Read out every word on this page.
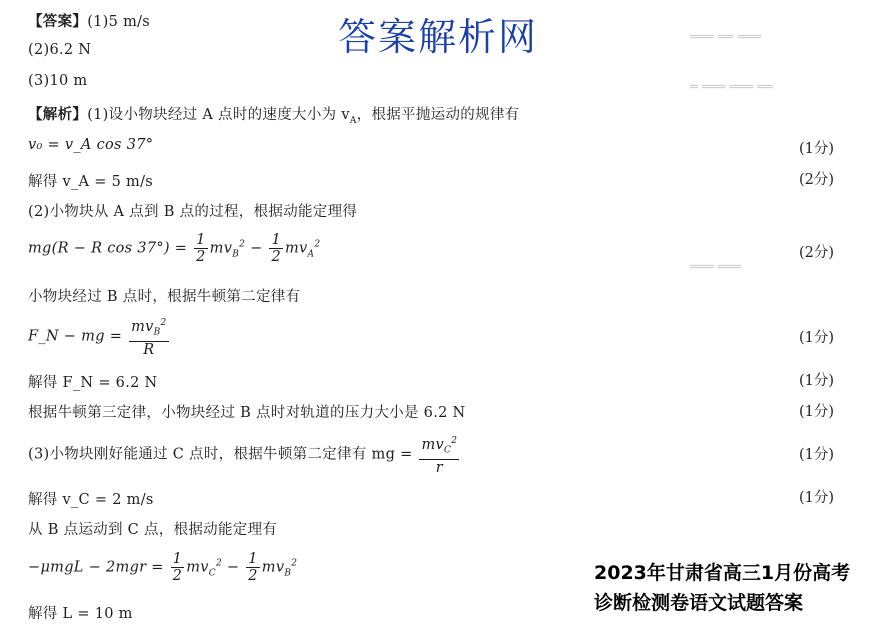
═══ ══ ═══
═ ═══ ═══ ══
═══ ═══
答案解析网
【答案】(1)5 m/s
(2)6.2 N
(3)10 m
【解析】(1)设小物块经过 A 点时的速度大小为 $v_A$，根据平抛运动的规律有
v₀ = v_A cos 37°	(1分)
解得 v_A = 5 m/s	(2分)
(2)小物块从 A 点到 B 点的过程，根据动能定理得
mg(R − R $\cos 37^\circ) = \frac{1}{2} mv_B^2 - \frac{1}{2} mv_A^2$
(2分)
小物块经过 B 点时，根据牛顿第二定律有
F_N − mg = $\frac{mv_B^2}{R}$	(1分)
解得 F_N = 6.2 N	(1分)
根据牛顿第三定律，小物块经过 B 点时对轨道的压力大小是 6.2 N	(1分)
(3)小物块刚好能通过 C 点时，根据牛顿第二定律有 mg = $\frac{mv_C^2}{r}$	(1分)
解得 v_C = 2 m/s	(1分)
从 B 点运动到 C 点，根据动能定理有
$-\mu mgL - 2mgr = \frac{1}{2} mv_C^2 - \frac{1}{2} mv_B^2$
解得 L = 10 m
2023年甘肃省高三1月份高考
诊断检测卷语文试题答案
